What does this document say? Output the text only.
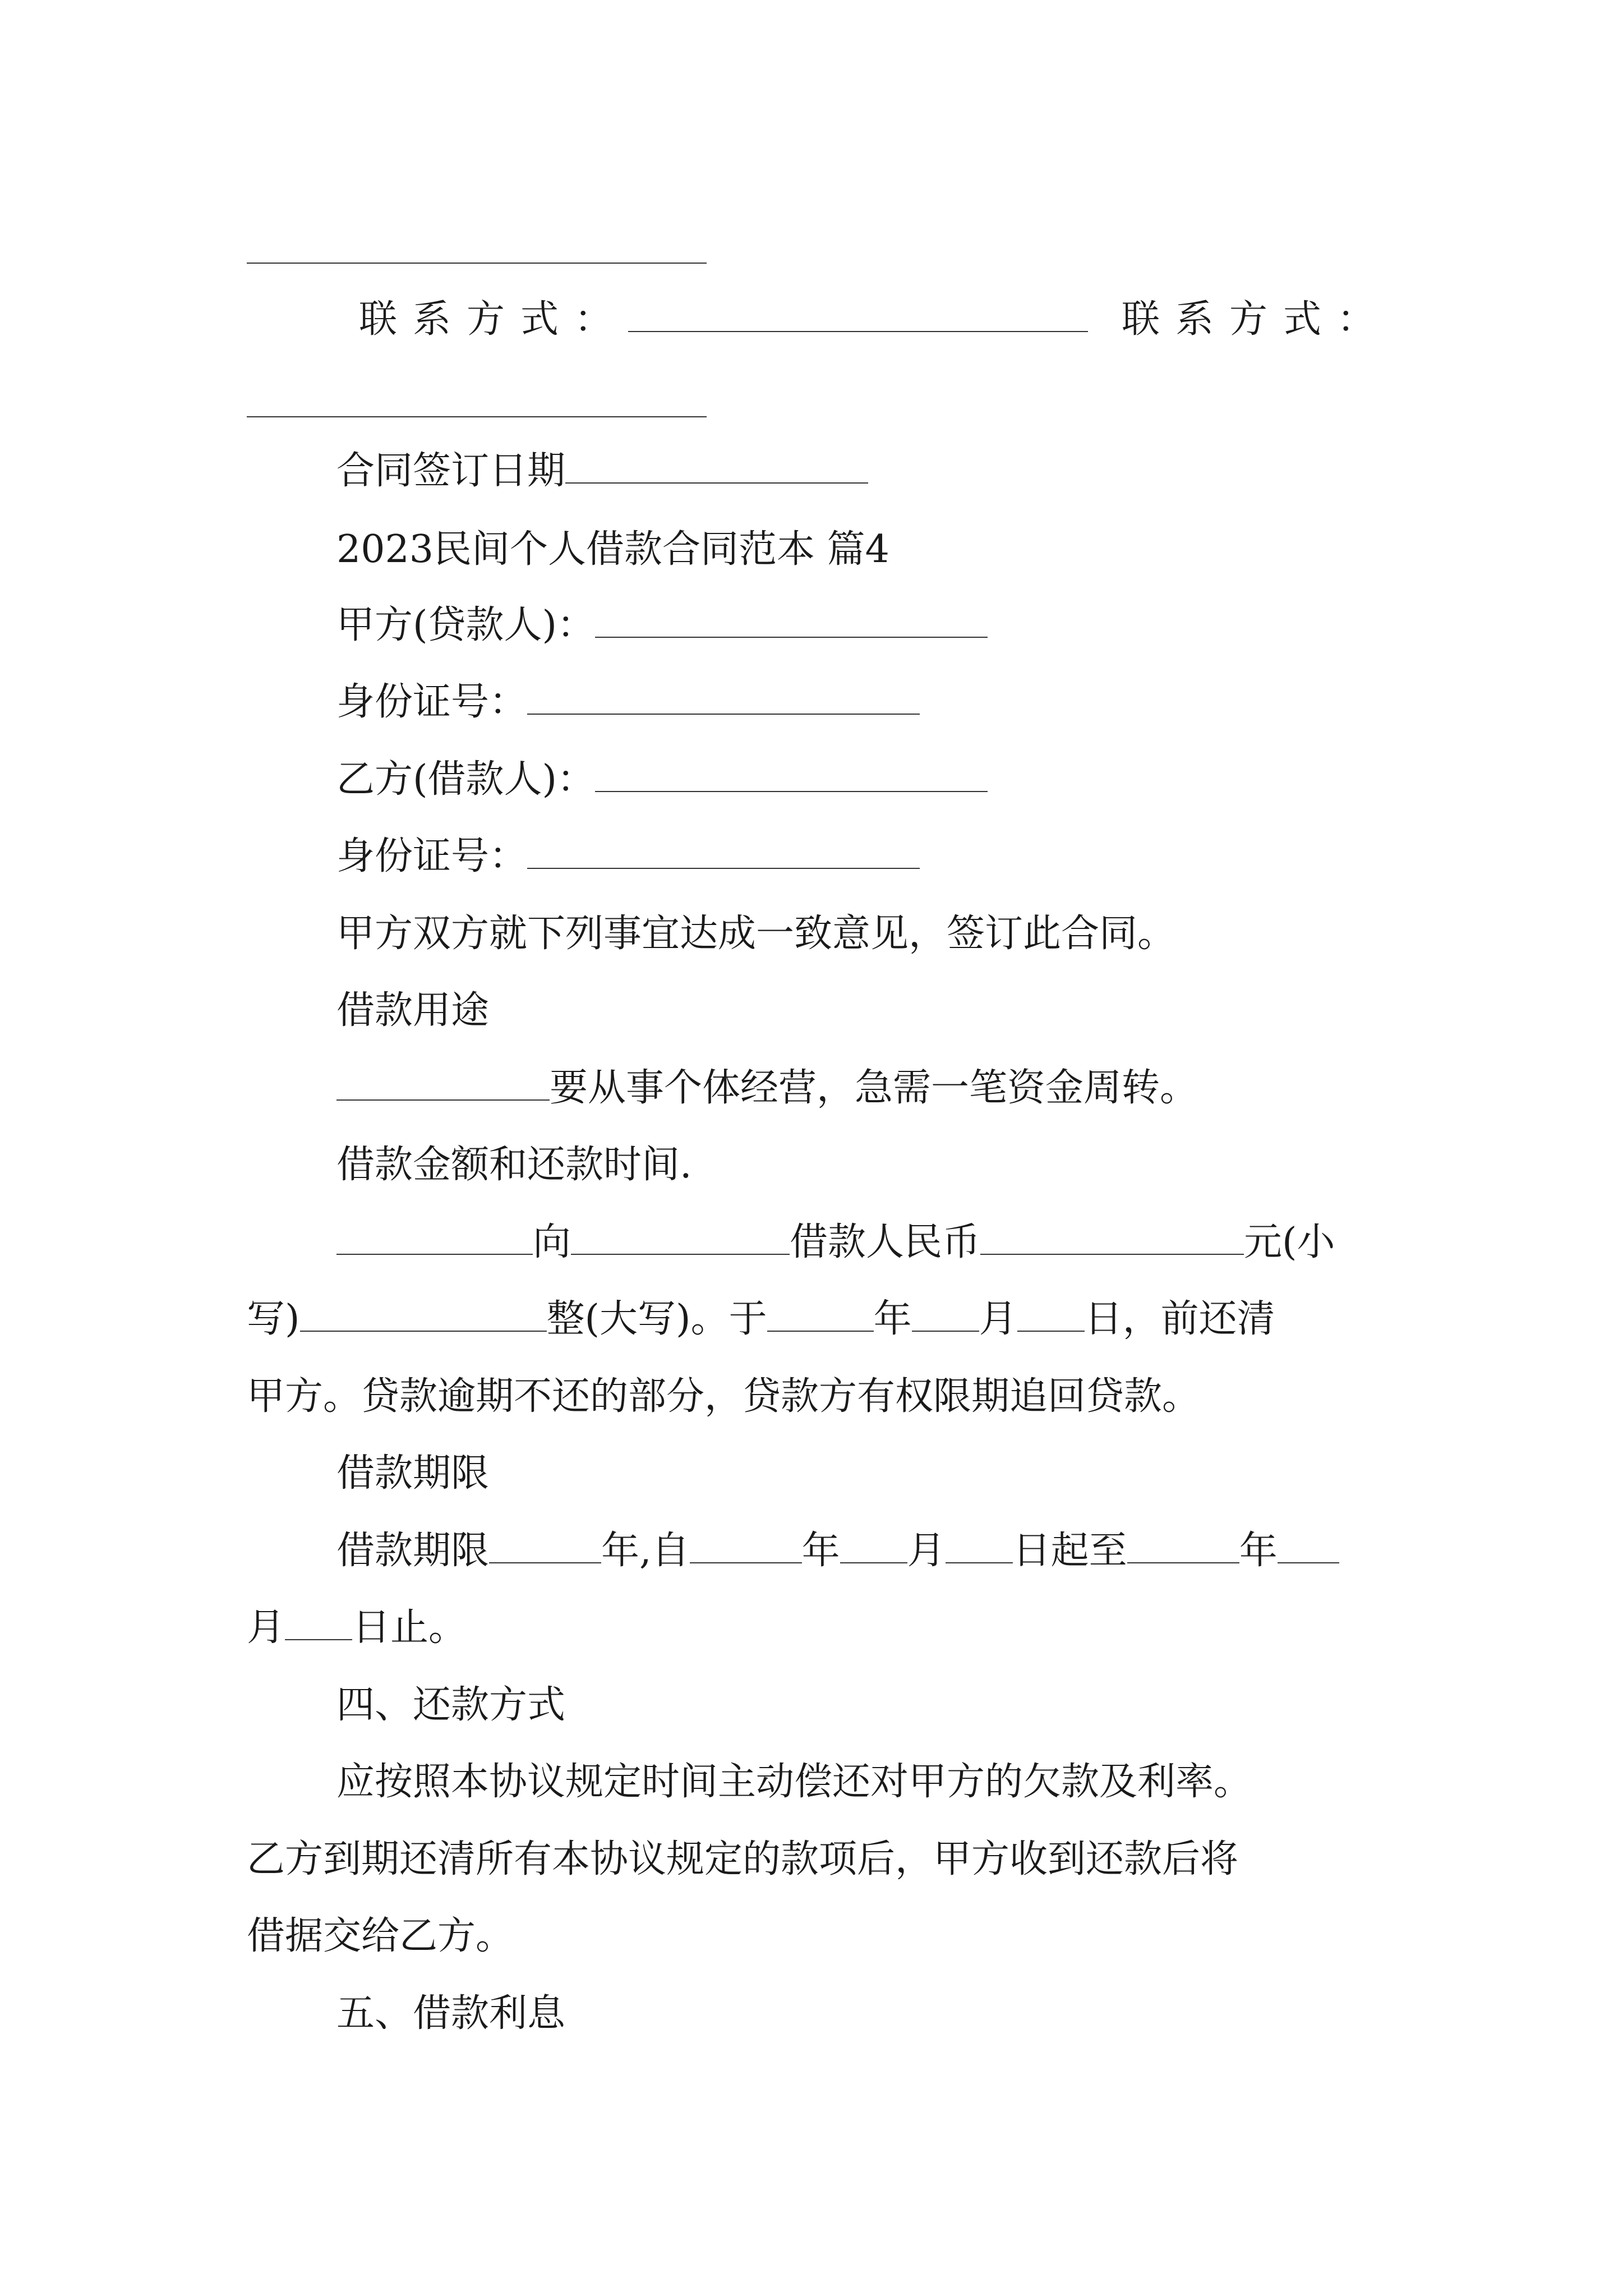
联系方式：	联系方式：
合同签订日期
2023民间个人借款合同范本 篇4
甲方(贷款人)：
身份证号：
乙方(借款人)：
身份证号：
甲方双方就下列事宜达成一致意见，签订此合同。
借款用途
要从事个体经营，急需一笔资金周转。
借款金额和还款时间.
向	借款人民币	元(小
写)	整(大写)。于	年 月 日，前还清
甲方。贷款逾期不还的部分，贷款方有权限期追回贷款。
借款期限
借款期限	年,自	年 月 日起至	年
月 日止。
四、还款方式
应按照本协议规定时间主动偿还对甲方的欠款及利率。
乙方到期还清所有本协议规定的款项后，甲方收到还款后将
借据交给乙方。
五、借款利息
